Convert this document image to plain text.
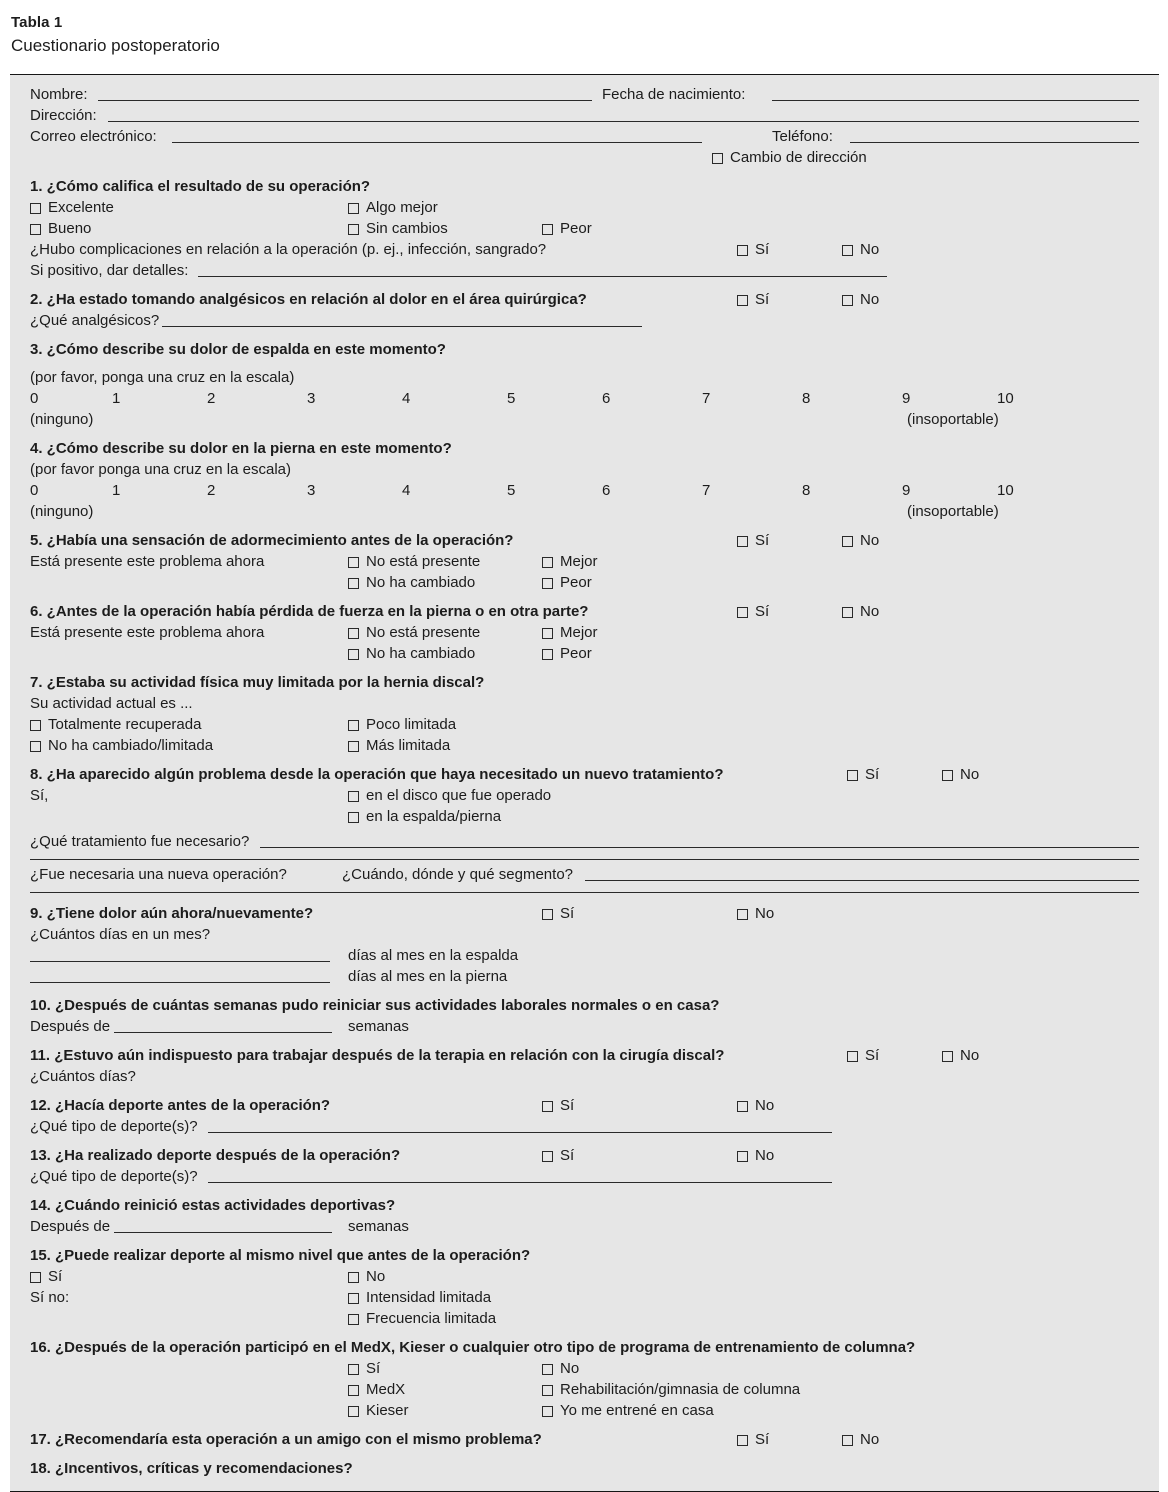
Tabla 1
Cuestionario postoperatorio
Nombre:	Fecha de nacimiento:
Dirección:
Correo electrónico:	Teléfono:
Cambio de dirección
1. ¿Cómo califica el resultado de su operación?
Excelente	Algo mejor
Bueno	Sin cambios	Peor
¿Hubo complicaciones en relación a la operación (p. ej., infección, sangrado?	Sí	No
Si positivo, dar detalles:
2. ¿Ha estado tomando analgésicos en relación al dolor en el área quirúrgica?	Sí	No
¿Qué analgésicos?
3. ¿Cómo describe su dolor de espalda en este momento?
(por favor, ponga una cruz en la escala)
0	1	2	3	4	5	6	7	8	9	10
(ninguno)	(insoportable)
4. ¿Cómo describe su dolor en la pierna en este momento?
(por favor ponga una cruz en la escala)
0	1	2	3	4	5	6	7	8	9	10
(ninguno)	(insoportable)
5. ¿Había una sensación de adormecimiento antes de la operación?	Sí	No
Está presente este problema ahora	No está presente	Mejor
No ha cambiado	Peor
6. ¿Antes de la operación había pérdida de fuerza en la pierna o en otra parte?	Sí	No
Está presente este problema ahora	No está presente	Mejor
No ha cambiado	Peor
7. ¿Estaba su actividad física muy limitada por la hernia discal?
Su actividad actual es ...
Totalmente recuperada	Poco limitada
No ha cambiado/limitada	Más limitada
8. ¿Ha aparecido algún problema desde la operación que haya necesitado un nuevo tratamiento?	Sí	No
Sí,	en el disco que fue operado
en la espalda/pierna
¿Qué tratamiento fue necesario?
¿Fue necesaria una nueva operación?	¿Cuándo, dónde y qué segmento?
9. ¿Tiene dolor aún ahora/nuevamente?	Sí	No
¿Cuántos días en un mes?
días al mes en la espalda
días al mes en la pierna
10. ¿Después de cuántas semanas pudo reiniciar sus actividades laborales normales o en casa?
Después de	semanas
11. ¿Estuvo aún indispuesto para trabajar después de la terapia en relación con la cirugía discal?	Sí	No
¿Cuántos días?
12. ¿Hacía deporte antes de la operación?	Sí	No
¿Qué tipo de deporte(s)?
13. ¿Ha realizado deporte después de la operación?	Sí	No
¿Qué tipo de deporte(s)?
14. ¿Cuándo reinició estas actividades deportivas?
Después de	semanas
15. ¿Puede realizar deporte al mismo nivel que antes de la operación?
Sí	No
Sí no:	Intensidad limitada
Frecuencia limitada
16. ¿Después de la operación participó en el MedX, Kieser o cualquier otro tipo de programa de entrenamiento de columna?
Sí	No
MedX	Rehabilitación/gimnasia de columna
Kieser	Yo me entrené en casa
17. ¿Recomendaría esta operación a un amigo con el mismo problema?	Sí	No
18. ¿Incentivos, críticas y recomendaciones?
